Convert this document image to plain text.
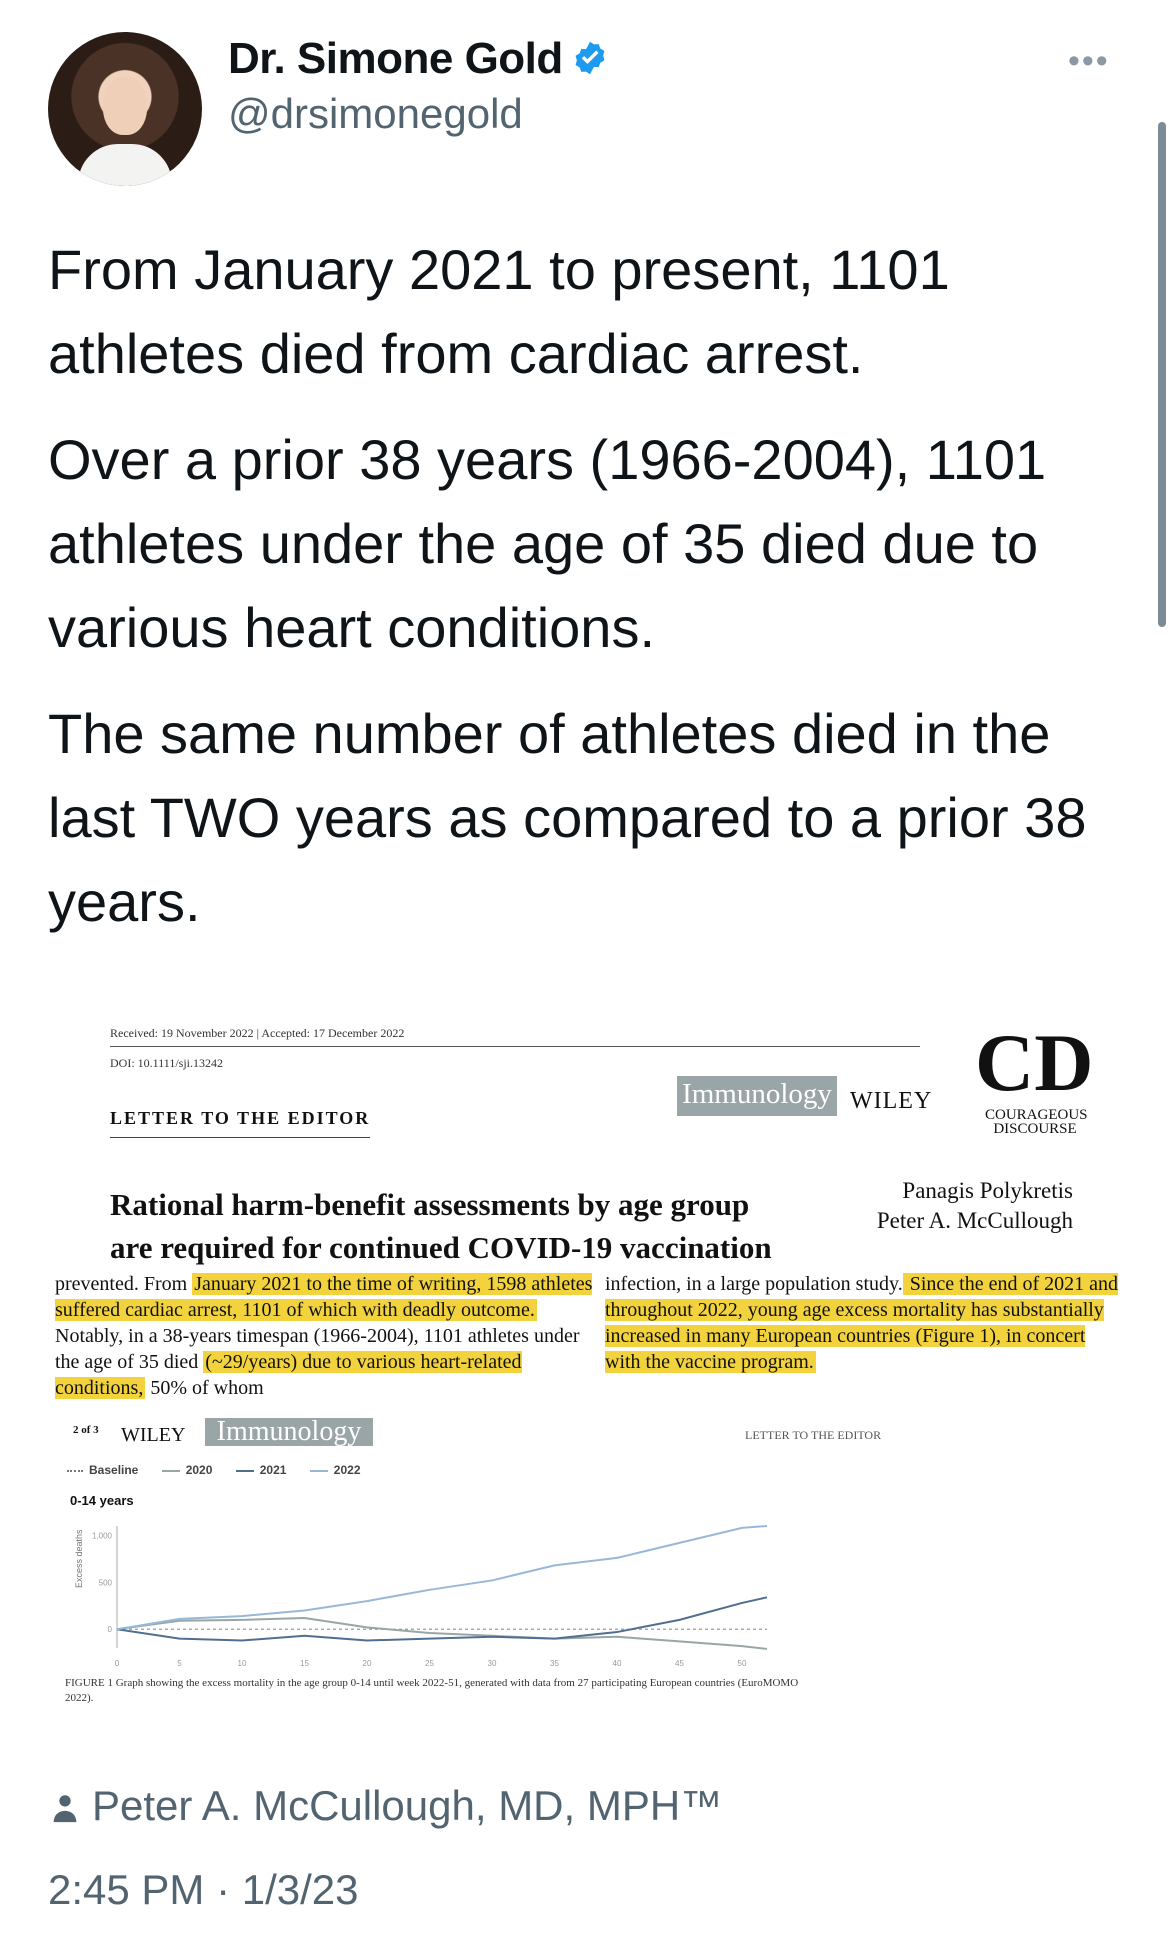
Dr. Simone Gold
@drsimonegold
•••

From January 2021 to present, 1101 athletes died from cardiac arrest.

Over a prior 38 years (1966-2004), 1101 athletes under the age of 35 died due to various heart conditions.

The same number of athletes died in the last TWO years as compared to a prior 38 years.

Received: 19 November 2022 | Accepted: 17 December 2022
DOI: 10.1111/sji.13242
LETTER TO THE EDITOR
Immunology WILEY CD
COURAGEOUS DISCOURSE
Rational harm-benefit assessments by age group are required for continued COVID-19 vaccination
Panagis Polykretis
Peter A. McCullough
prevented. From January 2021 to the time of writing, 1598 athletes suffered cardiac arrest, 1101 of which with deadly outcome. Notably, in a 38-years timespan (1966-2004), 1101 athletes under the age of 35 died (~29/years) due to various heart-related conditions, 50% of whom
infection, in a large population study. Since the end of 2021 and throughout 2022, young age excess mortality has substantially increased in many European countries (Figure 1), in concert with the vaccine program.
2 of 3 WILEY	Immunology	LETTER TO THE EDITOR
Baseline	2020	2021	2022
0-14 years
Excess deaths
0
500
1,000
0	5	10	15	20	25	30	35	40	45	50
FIGURE 1 Graph showing the excess mortality in the age group 0-14 until week 2022-51, generated with data from 27 participating European countries (EuroMOMO 2022).
Peter A. McCullough, MD, MPH™
2:45 PM · 1/3/23
